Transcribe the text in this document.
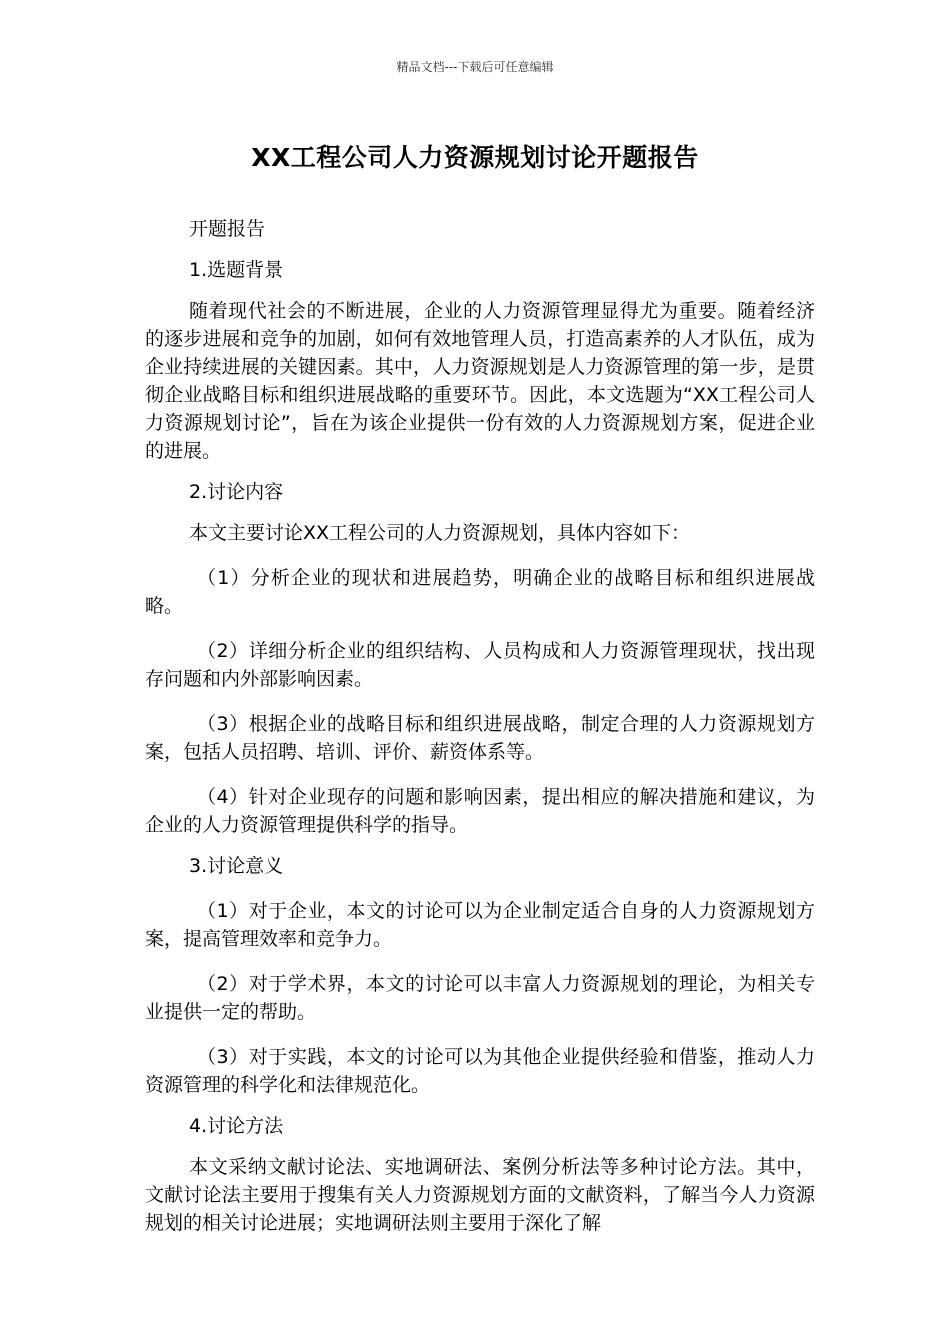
精品文档---下载后可任意编辑
XX工程公司人力资源规划讨论开题报告

开题报告

1.选题背景

随着现代社会的不断进展，企业的人力资源管理显得尤为重要。随着经济的逐步进展和竞争的加剧，如何有效地管理人员，打造高素养的人才队伍，成为企业持续进展的关键因素。其中，人力资源规划是人力资源管理的第一步，是贯彻企业战略目标和组织进展战略的重要环节。因此，本文选题为“XX工程公司人力资源规划讨论”，旨在为该企业提供一份有效的人力资源规划方案，促进企业的进展。

2.讨论内容

本文主要讨论XX工程公司的人力资源规划，具体内容如下：

（1）分析企业的现状和进展趋势，明确企业的战略目标和组织进展战略。

（2）详细分析企业的组织结构、人员构成和人力资源管理现状，找出现存问题和内外部影响因素。

（3）根据企业的战略目标和组织进展战略，制定合理的人力资源规划方案，包括人员招聘、培训、评价、薪资体系等。

（4）针对企业现存的问题和影响因素，提出相应的解决措施和建议，为企业的人力资源管理提供科学的指导。

3.讨论意义

（1）对于企业，本文的讨论可以为企业制定适合自身的人力资源规划方案，提高管理效率和竞争力。

（2）对于学术界，本文的讨论可以丰富人力资源规划的理论，为相关专业提供一定的帮助。

（3）对于实践，本文的讨论可以为其他企业提供经验和借鉴，推动人力资源管理的科学化和法律规范化。

4.讨论方法

本文采纳文献讨论法、实地调研法、案例分析法等多种讨论方法。其中，文献讨论法主要用于搜集有关人力资源规划方面的文献资料，了解当今人力资源规划的相关讨论进展；实地调研法则主要用于深化了解
